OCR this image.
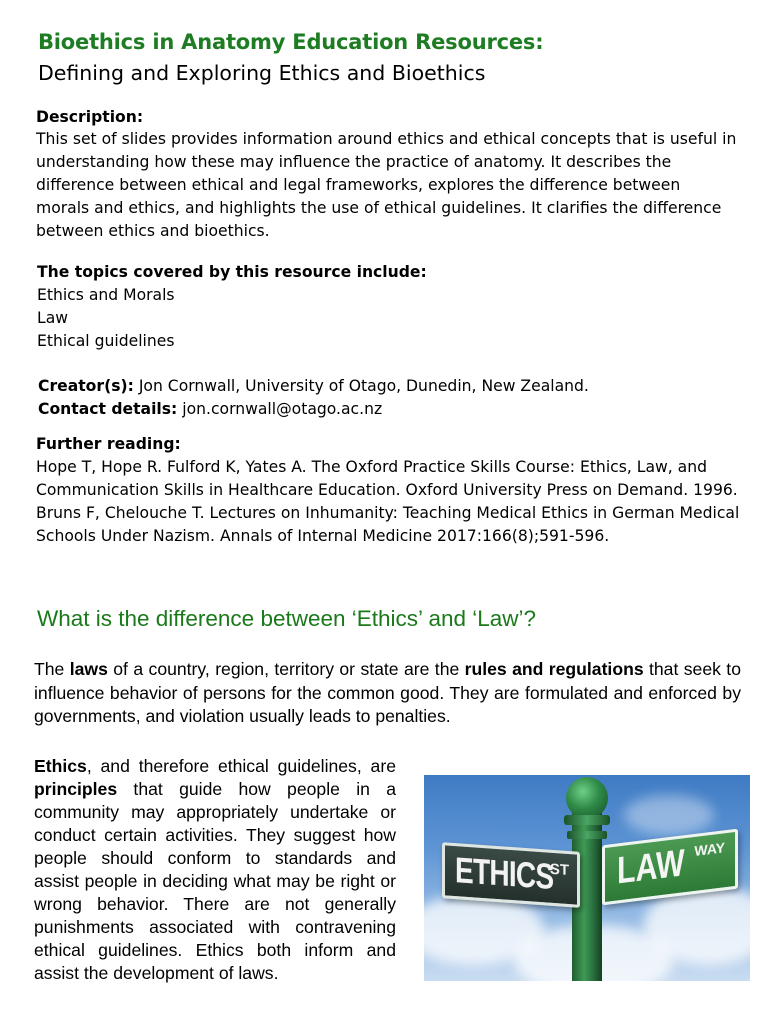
Bioethics in Anatomy Education Resources:
Defining and Exploring Ethics and Bioethics
Description:
This set of slides provides information around ethics and ethical concepts that is useful in
understanding how these may influence the practice of anatomy. It describes the
difference between ethical and legal frameworks, explores the difference between
morals and ethics, and highlights the use of ethical guidelines. It clarifies the difference
between ethics and bioethics.
The topics covered by this resource include:
Ethics and Morals
Law
Ethical guidelines
Creator(s): Jon Cornwall, University of Otago, Dunedin, New Zealand.
Contact details: jon.cornwall@otago.ac.nz
Further reading:
Hope T, Hope R. Fulford K, Yates A. The Oxford Practice Skills Course: Ethics, Law, and
Communication Skills in Healthcare Education. Oxford University Press on Demand. 1996.
Bruns F, Chelouche T. Lectures on Inhumanity: Teaching Medical Ethics in German Medical
Schools Under Nazism. Annals of Internal Medicine 2017:166(8);591-596.
What is the difference between ‘Ethics’ and ‘Law’?
The laws of a country, region, territory or state are the rules and regulations that seek to influence behavior of persons for the common good. They are formulated and enforced by governments, and violation usually leads to penalties.
Ethics, and therefore ethical guidelines, are principles that guide how people in a community may appropriately undertake or conduct certain activities. They suggest how people should conform to standards and assist people in deciding what may be right or wrong behavior. There are not generally punishments associated with contravening ethical guidelines. Ethics both inform and assist the development of laws.
ETHICS
ST LAW WAY
